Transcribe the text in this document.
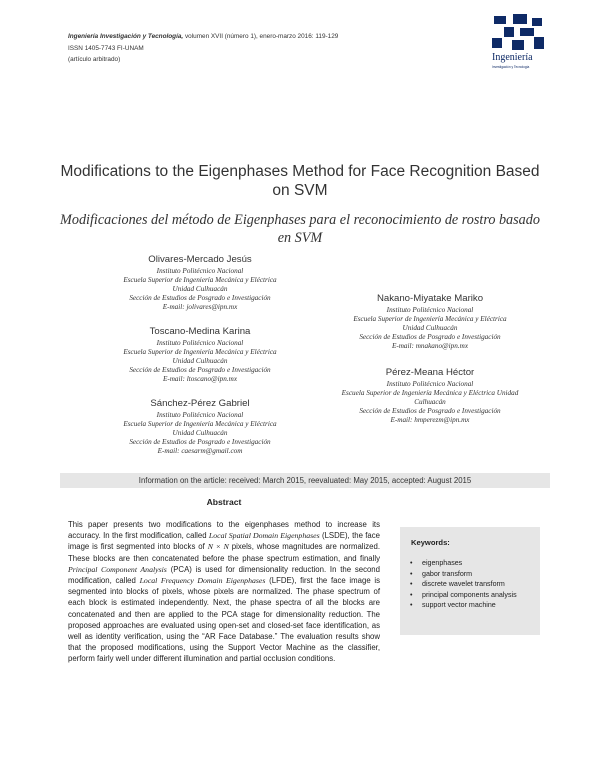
Ingeniería Investigación y Tecnología, volumen XVII (número 1), enero-marzo 2016: 119-129
ISSN 1405-7743 FI-UNAM
(artículo arbitrado)	Ingeniería
Investigación y Tecnología
Modifications to the Eigenphases Method for Face Recognition Based on SVM
Modificaciones del método de Eigenphases para el reconocimiento de rostro basado en SVM
Olivares-Mercado Jesús
Instituto Politécnico Nacional
Escuela Superior de Ingeniería Mecánica y Eléctrica
Unidad Culhuacán
Sección de Estudios de Posgrado e Investigación
E-mail: jolivares@ipn.mx
Toscano-Medina Karina
Instituto Politécnico Nacional
Escuela Superior de Ingeniería Mecánica y Eléctrica
Unidad Culhuacán
Sección de Estudios de Posgrado e Investigación
E-mail: ltoscano@ipn.mx
Sánchez-Pérez Gabriel
Instituto Politécnico Nacional
Escuela Superior de Ingeniería Mecánica y Eléctrica
Unidad Culhuacán
Sección de Estudios de Posgrado e Investigación
E-mail: caesarm@gmail.com
Nakano-Miyatake Mariko
Instituto Politécnico Nacional
Escuela Superior de Ingeniería Mecánica y Eléctrica
Unidad Culhuacán
Sección de Estudios de Posgrado e Investigación
E-mail: mnakano@ipn.mx
Pérez-Meana Héctor
Instituto Politécnico Nacional
Escuela Superior de Ingeniería Mecánica y Eléctrica Unidad
Culhuacán
Sección de Estudios de Posgrado e Investigación
E-mail: hmperezm@ipn.mx
Information on the article: received: March 2015, reevaluated: May 2015, accepted: August 2015
Abstract
This paper presents two modifications to the eigenphases method to increase its accuracy. In the first modification, called Local Spatial Domain Eigenphases (LSDE), the face image is first segmented into blocks of N × N pixels, whose magnitudes are normalized. These blocks are then concatenated before the phase spectrum estimation, and finally Principal Component Analysis (PCA) is used for dimensionality reduction. In the second modification, called Local Frequency Domain Eigenphases (LFDE), first the face image is segmented into blocks of pixels, whose pixels are normalized. The phase spectrum of each block is estimated independently. Next, the phase spectra of all the blocks are concatenated and then are applied to the PCA stage for dimensionality reduction. The proposed approaches are evaluated using open-set and closed-set face identification, as well as identity verification, using the “AR Face Database.” The evaluation results show that the proposed modifications, using the Support Vector Machine as the classifier, perform fairly well under different illumination and partial occlusion conditions.
Keywords:
• eigenphases
• gabor transform
• discrete wavelet transform
• principal components analysis
• support vector machine
